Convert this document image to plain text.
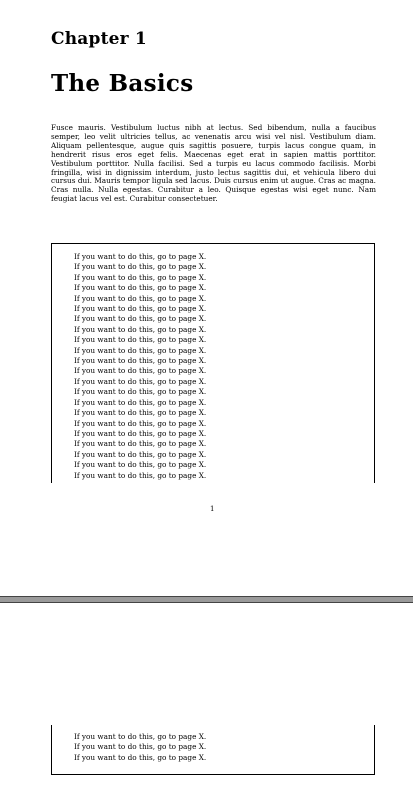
Chapter 1
The Basics
Fusce mauris. Vestibulum luctus nibh at lectus. Sed bibendum, nulla a faucibus semper, leo velit ultricies tellus, ac venenatis arcu wisi vel nisl. Vestibulum diam. Aliquam pellentesque, augue quis sagittis posuere, turpis lacus congue quam, in hendrerit risus eros eget felis. Maecenas eget erat in sapien mattis porttitor. Vestibulum porttitor. Nulla facilisi. Sed a turpis eu lacus commodo facilisis. Morbi fringilla, wisi in dignissim interdum, justo lectus sagittis dui, et vehicula libero dui cursus dui. Mauris tempor ligula sed lacus. Duis cursus enim ut augue. Cras ac magna. Cras nulla. Nulla egestas. Curabitur a leo. Quisque egestas wisi eget nunc. Nam feugiat lacus vel est. Curabitur consectetuer.
If you want to do this, go to page X.
If you want to do this, go to page X.
If you want to do this, go to page X.
If you want to do this, go to page X.
If you want to do this, go to page X.
If you want to do this, go to page X.
If you want to do this, go to page X.
If you want to do this, go to page X.
If you want to do this, go to page X.
If you want to do this, go to page X.
If you want to do this, go to page X.
If you want to do this, go to page X.
If you want to do this, go to page X.
If you want to do this, go to page X.
If you want to do this, go to page X.
If you want to do this, go to page X.
If you want to do this, go to page X.
If you want to do this, go to page X.
If you want to do this, go to page X.
If you want to do this, go to page X.
If you want to do this, go to page X.
If you want to do this, go to page X.
1
If you want to do this, go to page X.
If you want to do this, go to page X.
If you want to do this, go to page X.
